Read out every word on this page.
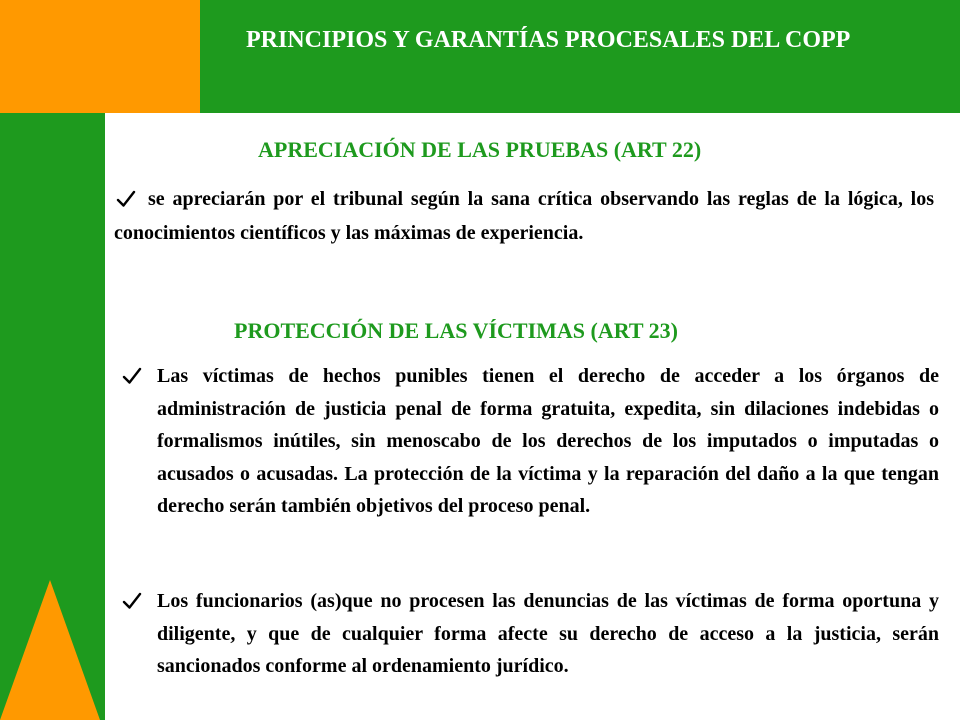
PRINCIPIOS Y GARANTÍAS PROCESALES DEL COPP
APRECIACIÓN DE LAS PRUEBAS (ART 22)

se apreciarán por el tribunal según la sana crítica observando las reglas de la lógica, los conocimientos científicos y las máximas de experiencia.

PROTECCIÓN DE LAS VÍCTIMAS (ART 23)

Las víctimas de hechos punibles tienen el derecho de acceder a los órganos de administración de justicia penal de forma gratuita, expedita, sin dilaciones indebidas o formalismos inútiles, sin menoscabo de los derechos de los imputados o imputadas o acusados o acusadas. La protección de la víctima y la reparación del daño a la que tengan derecho serán también objetivos del proceso penal.

Los funcionarios (as)que no procesen las denuncias de las víctimas de forma oportuna y diligente, y que de cualquier forma afecte su derecho de acceso a la justicia, serán sancionados conforme al ordenamiento jurídico.
